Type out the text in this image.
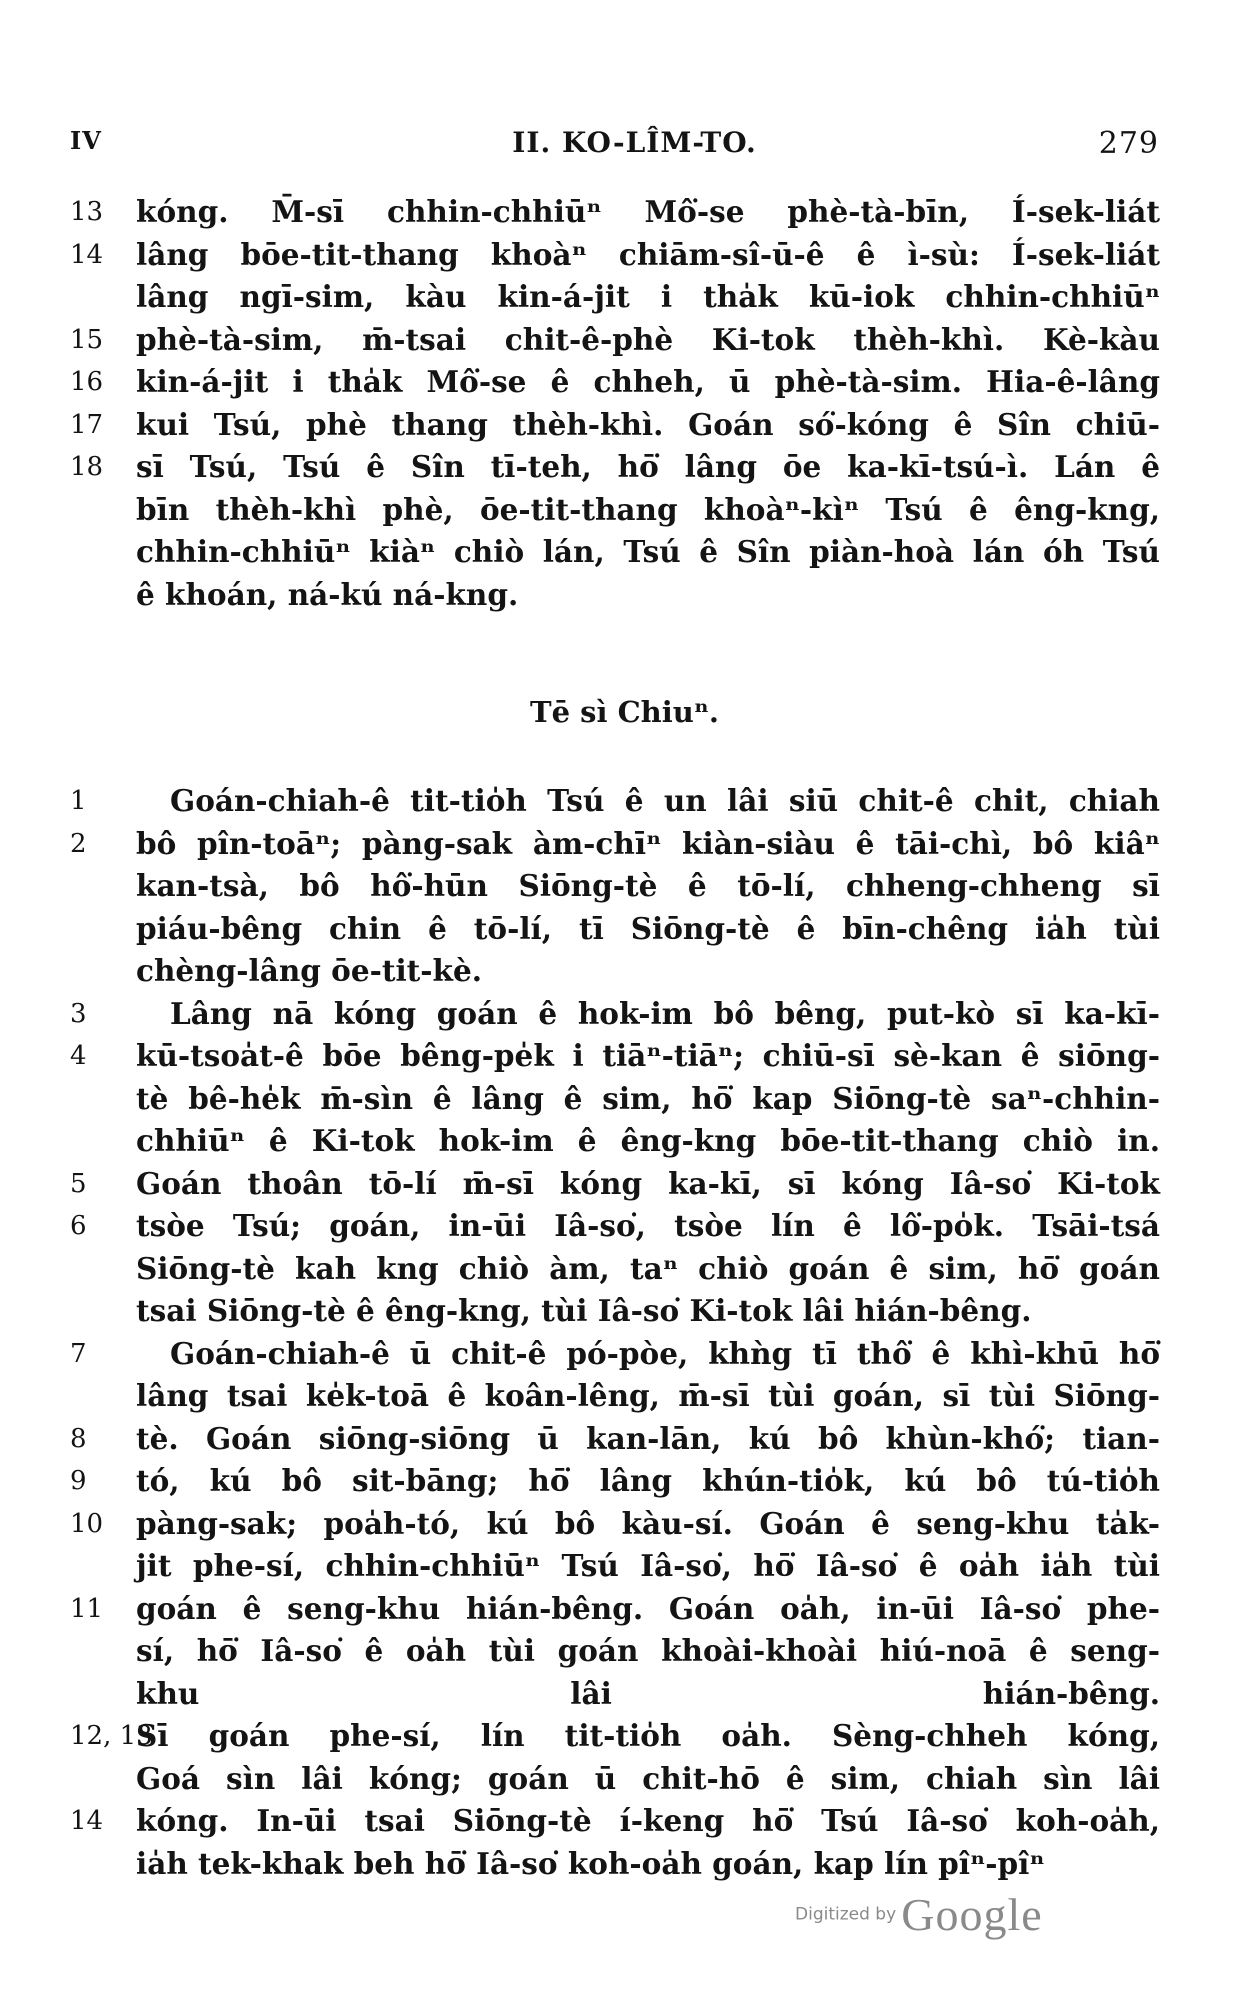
IV	II. KO-LÎM-TO.	279
13	kóng. M̄-sī chhin-chhiūⁿ Mô͘-se phè-tà-bīn, Í-sek-liát
14	lâng bōe-tit-thang khoàⁿ chiām-sî-ū-ê ê ì-sù: Í-sek-liát
lâng ngī-sim, kàu kin-á-jit i tha̍k kū-iok chhin-chhiūⁿ
15	phè-tà-sim, m̄-tsai chit-ê-phè Ki-tok thèh-khì. Kè-kàu
16	kin-á-jit i tha̍k Mô͘-se ê chheh, ū phè-tà-sim. Hia-ê-lâng
17	kui Tsú, phè thang thèh-khì. Goán só͘-kóng ê Sîn chiū-
18	sī Tsú, Tsú ê Sîn tī-teh, hō͘ lâng ōe ka-kī-tsú-ì. Lán ê
bīn thèh-khì phè, ōe-tit-thang khoàⁿ-kìⁿ Tsú ê êng-kng,
chhin-chhiūⁿ kiàⁿ chiò lán, Tsú ê Sîn piàn-hoà lán óh Tsú
ê khoán, ná-kú ná-kng.
Tē sì Chiuⁿ.
1	Goán-chiah-ê tit-tio̍h Tsú ê un lâi siū chit-ê chit, chiah
2	bô pîn-toāⁿ; pàng-sak àm-chīⁿ kiàn-siàu ê tāi-chì, bô kiâⁿ
kan-tsà, bô hô͘-hūn Siōng-tè ê tō-lí, chheng-chheng sī
piáu-bêng chin ê tō-lí, tī Siōng-tè ê bīn-chêng ia̍h tùi
chèng-lâng ōe-tit-kè.
3	Lâng nā kóng goán ê hok-im bô bêng, put-kò sī ka-kī-
4	kū-tsoa̍t-ê bōe bêng-pe̍k i tiāⁿ-tiāⁿ; chiū-sī sè-kan ê siōng-
tè bê-he̍k m̄-sìn ê lâng ê sim, hō͘ kap Siōng-tè saⁿ-chhin-
chhiūⁿ ê Ki-tok hok-im ê êng-kng bōe-tit-thang chiò in.
5	Goán thoân tō-lí m̄-sī kóng ka-kī, sī kóng Iâ-so͘ Ki-tok
6	tsòe Tsú; goán, in-ūi Iâ-so͘, tsòe lín ê lô͘-po̍k. Tsāi-tsá
Siōng-tè kah kng chiò àm, taⁿ chiò goán ê sim, hō͘ goán
tsai Siōng-tè ê êng-kng, tùi Iâ-so͘ Ki-tok lâi hián-bêng.
7	Goán-chiah-ê ū chit-ê pó-pòe, khǹg tī thô͘ ê khì-khū hō͘
lâng tsai ke̍k-toā ê koân-lêng, m̄-sī tùi goán, sī tùi Siōng-
8	tè. Goán siōng-siōng ū kan-lān, kú bô khùn-khó͘; tian-
9	tó, kú bô sit-bāng; hō͘ lâng khún-tio̍k, kú bô tú-tio̍h
10	pàng-sak; poa̍h-tó, kú bô kàu-sí. Goán ê seng-khu ta̍k-
jit phe-sí, chhin-chhiūⁿ Tsú Iâ-so͘, hō͘ Iâ-so͘ ê oa̍h ia̍h tùi
11	goán ê seng-khu hián-bêng. Goán oa̍h, in-ūi Iâ-so͘ phe-
sí, hō͘ Iâ-so͘ ê oa̍h tùi goán khoài-khoài hiú-noā ê seng-
khu lâi hián-bêng.
12, 13
Sī goán phe-sí, lín tit-tio̍h oa̍h. Sèng-chheh kóng,
Goá sìn lâi kóng; goán ū chit-hō ê sim, chiah sìn lâi
14	kóng. In-ūi tsai Siōng-tè í-keng hō͘ Tsú Iâ-so͘ koh-oa̍h,
ia̍h tek-khak beh hō͘ Iâ-so͘ koh-oa̍h goán, kap lín pîⁿ-pîⁿ
Digitized by Google
